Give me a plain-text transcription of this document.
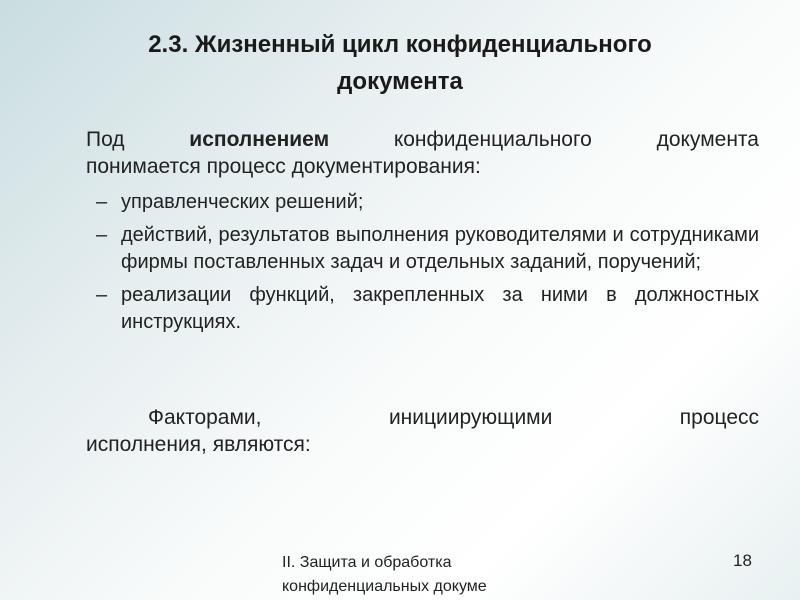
2.3. Жизненный цикл конфиденциального
документа
Под	исполнением	конфиденциального	документа
понимается процесс документирования:
– управленческих решений;
– действий, результатов выполнения руководителями и сотрудниками фирмы поставленных задач и отдельных заданий, поручений;
– реализации функций, закрепленных за ними в должностных инструкциях.
Факторами,	инициирующими	процесс
исполнения, являются:
II. Защита и обработка
конфиденциальных докуме
18
